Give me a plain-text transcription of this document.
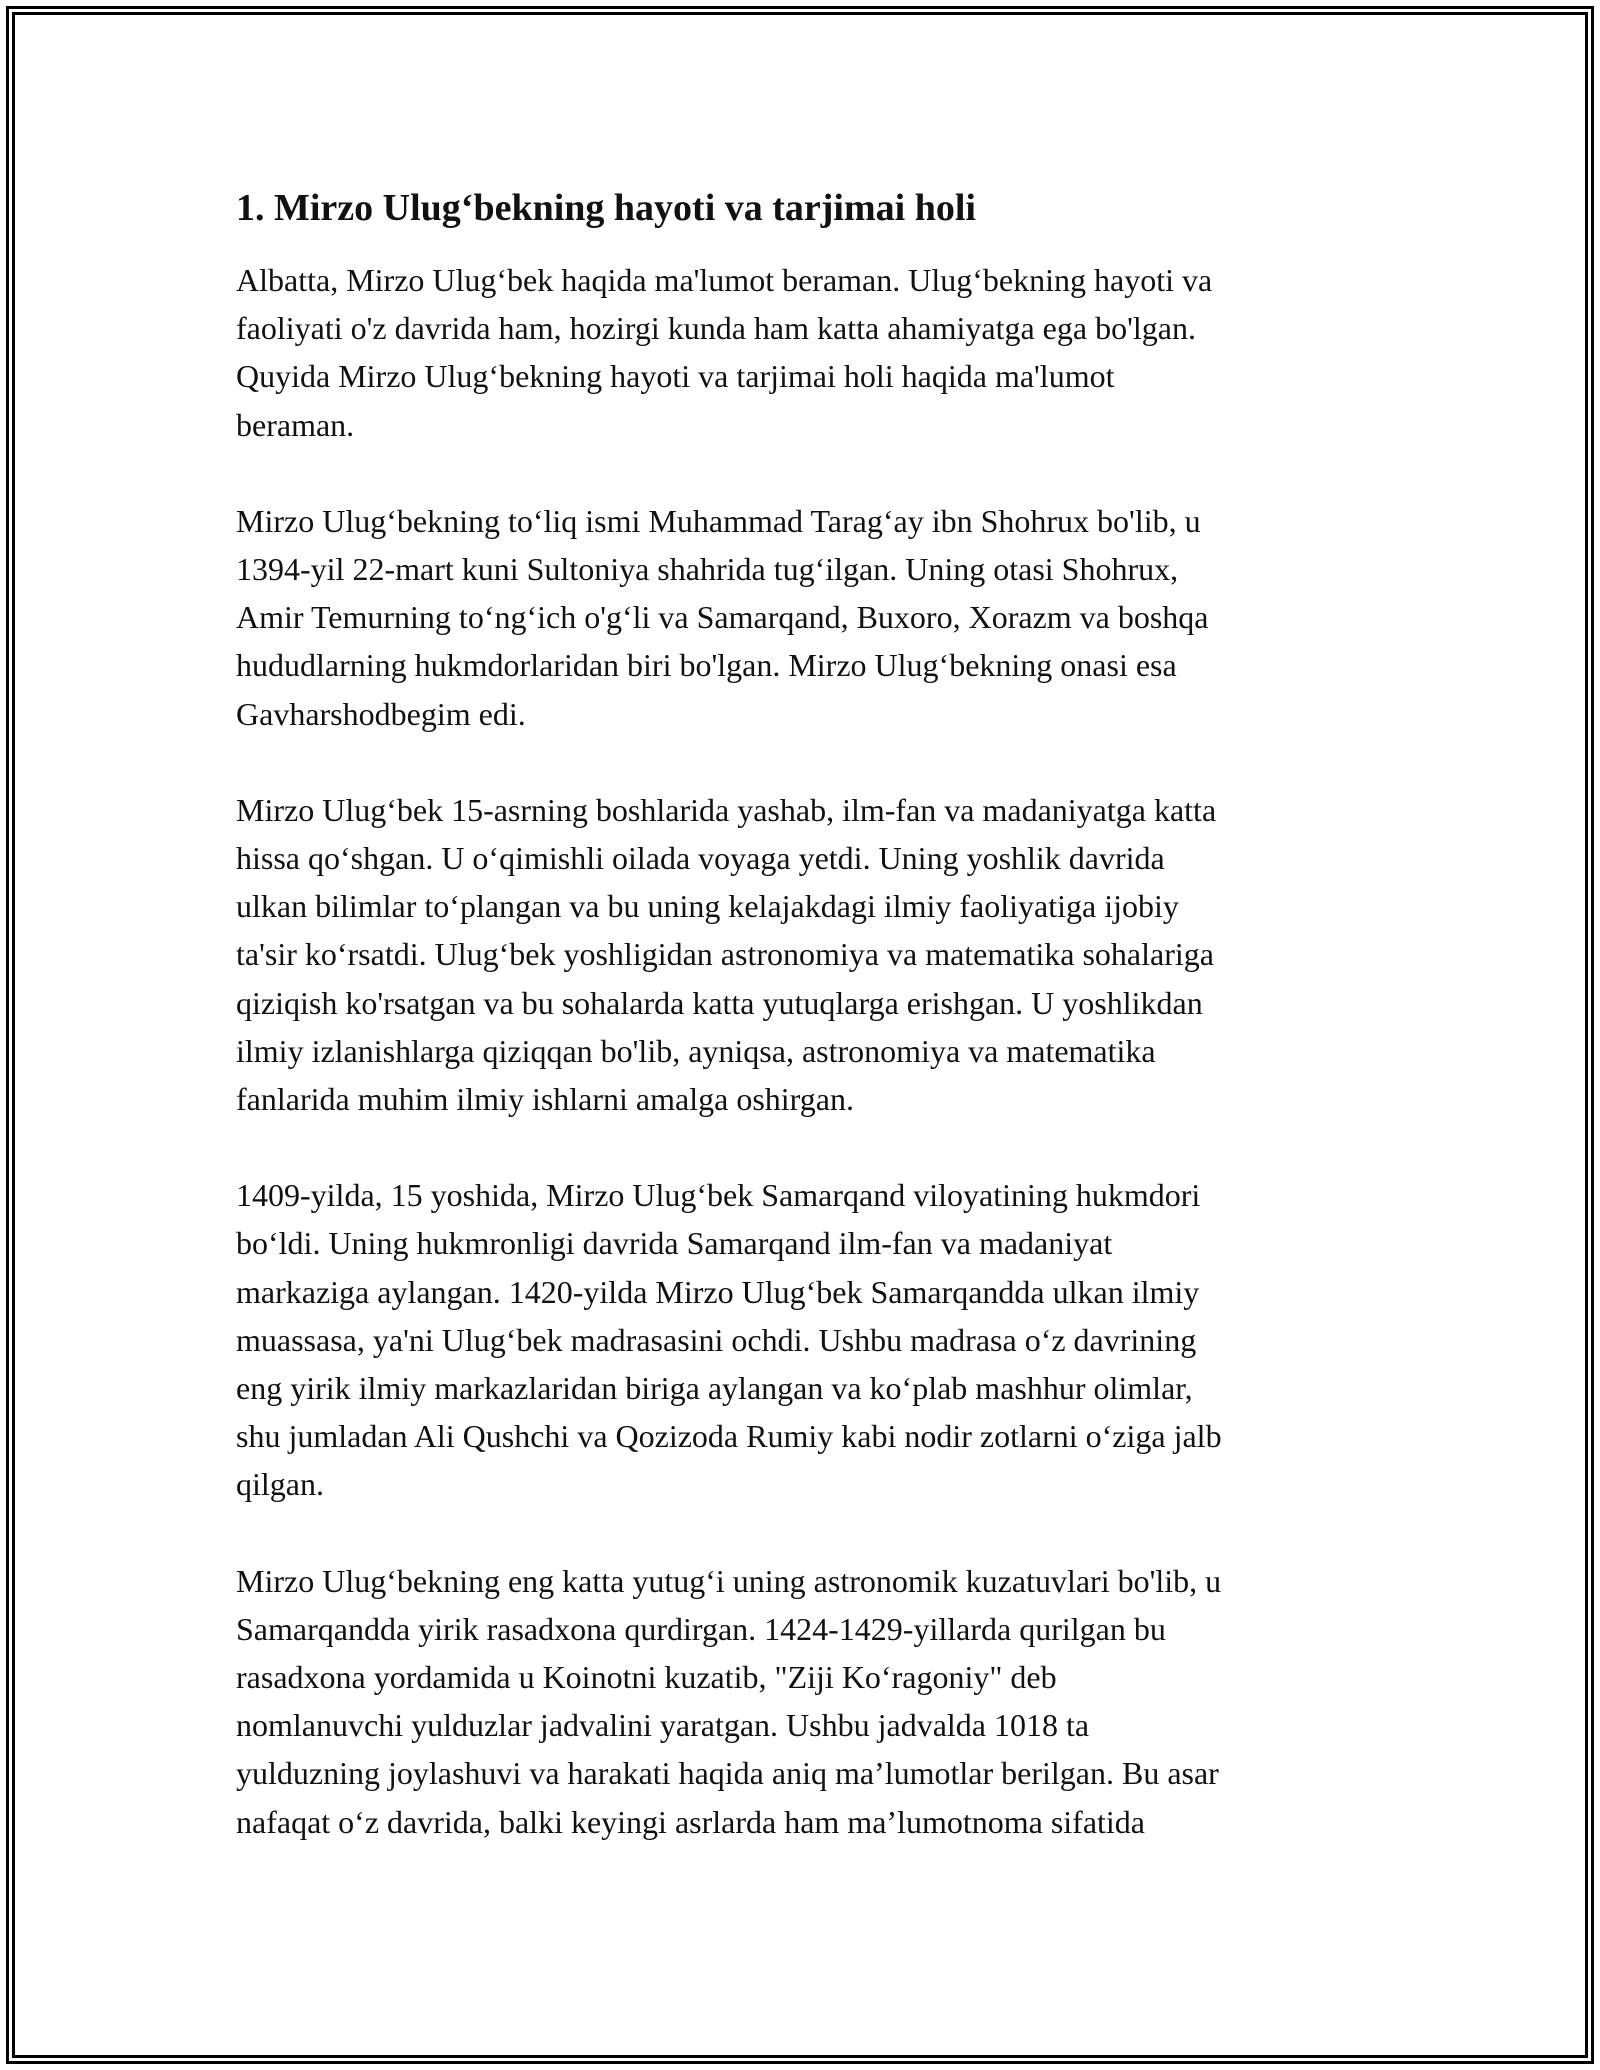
1. Mirzo Ulug‘bekning hayoti va tarjimai holi

Albatta, Mirzo Ulug‘bek haqida ma'lumot beraman. Ulug‘bekning hayoti va
faoliyati o'z davrida ham, hozirgi kunda ham katta ahamiyatga ega bo'lgan.
Quyida Mirzo Ulug‘bekning hayoti va tarjimai holi haqida ma'lumot
beraman.

Mirzo Ulug‘bekning to‘liq ismi Muhammad Tarag‘ay ibn Shohrux bo'lib, u
1394-yil 22-mart kuni Sultoniya shahrida tug‘ilgan. Uning otasi Shohrux,
Amir Temurning to‘ng‘ich o'g‘li va Samarqand, Buxoro, Xorazm va boshqa
hududlarning hukmdorlaridan biri bo'lgan. Mirzo Ulug‘bekning onasi esa
Gavharshodbegim edi.

Mirzo Ulug‘bek 15-asrning boshlarida yashab, ilm-fan va madaniyatga katta
hissa qo‘shgan. U o‘qimishli oilada voyaga yetdi. Uning yoshlik davrida
ulkan bilimlar to‘plangan va bu uning kelajakdagi ilmiy faoliyatiga ijobiy
ta'sir ko‘rsatdi. Ulug‘bek yoshligidan astronomiya va matematika sohalariga
qiziqish ko'rsatgan va bu sohalarda katta yutuqlarga erishgan. U yoshlikdan
ilmiy izlanishlarga qiziqqan bo'lib, ayniqsa, astronomiya va matematika
fanlarida muhim ilmiy ishlarni amalga oshirgan.

1409-yilda, 15 yoshida, Mirzo Ulug‘bek Samarqand viloyatining hukmdori
bo‘ldi. Uning hukmronligi davrida Samarqand ilm-fan va madaniyat
markaziga aylangan. 1420-yilda Mirzo Ulug‘bek Samarqandda ulkan ilmiy
muassasa, ya'ni Ulug‘bek madrasasini ochdi. Ushbu madrasa o‘z davrining
eng yirik ilmiy markazlaridan biriga aylangan va ko‘plab mashhur olimlar,
shu jumladan Ali Qushchi va Qozizoda Rumiy kabi nodir zotlarni o‘ziga jalb
qilgan.

Mirzo Ulug‘bekning eng katta yutug‘i uning astronomik kuzatuvlari bo'lib, u
Samarqandda yirik rasadxona qurdirgan. 1424-1429-yillarda qurilgan bu
rasadxona yordamida u Koinotni kuzatib, "Ziji Ko‘ragoniy" deb
nomlanuvchi yulduzlar jadvalini yaratgan. Ushbu jadvalda 1018 ta
yulduzning joylashuvi va harakati haqida aniq ma’lumotlar berilgan. Bu asar
nafaqat o‘z davrida, balki keyingi asrlarda ham ma’lumotnoma sifatida
